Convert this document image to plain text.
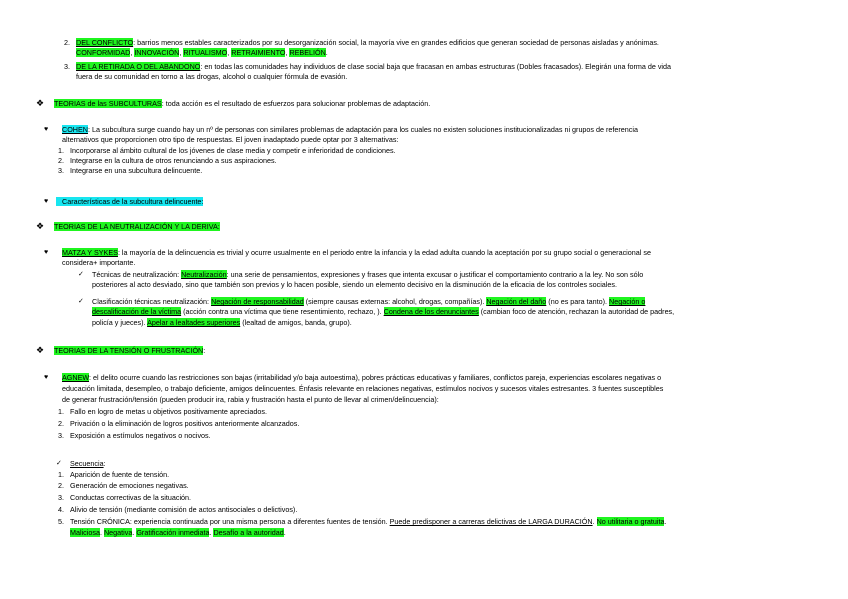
2. DEL CONFLICTO: barrios menos estables caracterizados por su desorganización social, la mayoría vive en grandes edificios que generan sociedad de personas aisladas y anónimas.
CONFORMIDAD, INNOVACIÓN, RITUALISMO, RETRAIMIENTO, REBELIÓN.
3. DE LA RETIRADA O DEL ABANDONO: en todas las comunidades hay individuos de clase social baja que fracasan en ambas estructuras (Dobles fracasados). Elegirán una forma de vida
fuera de su comunidad en torno a las drogas, alcohol o cualquier fórmula de evasión.
❖ TEORIAS de las SUBCULTURAS: toda acción es el resultado de esfuerzos para solucionar problemas de adaptación.
♥ COHEN: La subcultura surge cuando hay un nº de personas con similares problemas de adaptación para los cuales no existen soluciones institucionalizadas ni grupos de referencia
alternativos que proporcionen otro tipo de respuestas. El joven inadaptado puede optar por 3 alternativas:
1. Incorporarse al ámbito cultural de los jóvenes de clase media y competir e inferioridad de condiciones.
2. Integrarse en la cultura de otros renunciando a sus aspiraciones.
3. Integrarse en una subcultura delincuente.
♥	Características de la subcultura delincuente:
❖ TEORIAS DE LA NEUTRALIZACIÓN Y LA DERIVA:
♥ MATZA Y SYKES: la mayoría de la delincuencia es trivial y ocurre usualmente en el periodo entre la infancia y la edad adulta cuando la aceptación por su grupo social o generacional se
considera+ importante.
✓ Técnicas de neutralización: Neutralización: una serie de pensamientos, expresiones y frases que intenta excusar o justificar el comportamiento contrario a la ley. No son sólo
posteriores al acto desviado, sino que también son previos y lo hacen posible, siendo un elemento decisivo en la disminución de la eficacia de los controles sociales.
✓ Clasificación técnicas neutralización: Negación de responsabilidad (siempre causas externas: alcohol, drogas, compañías). Negación del daño (no es para tanto). Negación o
descalificación de la víctima (acción contra una víctima que tiene resentimiento, rechazo, ). Condena de los denunciantes (cambian foco de atención, rechazan la autoridad de padres,
policía y jueces). Apelar a lealtades superiores (lealtad de amigos, banda, grupo).
❖ TEORIAS DE LA TENSIÓN O FRUSTRACIÓN:
♥ AGNEW: el delito ocurre cuando las restricciones son bajas (irritabilidad y/o baja autoestima), pobres prácticas educativas y familiares, conflictos pareja, experiencias escolares negativas o
educación limitada, desempleo, o trabajo deficiente, amigos delincuentes. Énfasis relevante en relaciones negativas, estímulos nocivos y sucesos vitales estresantes. 3 fuentes susceptibles
de generar frustración/tensión (pueden producir ira, rabia y frustración hasta el punto de llevar al crimen/delincuencia):
1. Fallo en logro de metas u objetivos positivamente apreciados.
2. Privación o la eliminación de logros positivos anteriormente alcanzados.
3. Exposición a estímulos negativos o nocivos.
✓ Secuencia:
1. Aparición de fuente de tensión.
2. Generación de emociones negativas.
3. Conductas correctivas de la situación.
4. Alivio de tensión (mediante comisión de actos antisociales o delictivos).
5. Tensión CRÓNICA: experiencia continuada por una misma persona a diferentes fuentes de tensión. Puede predisponer a carreras delictivas de LARGA DURACIÓN. No utilitaria o gratuita.
Maliciosa. Negativa. Gratificación inmediata. Desafío a la autoridad.
